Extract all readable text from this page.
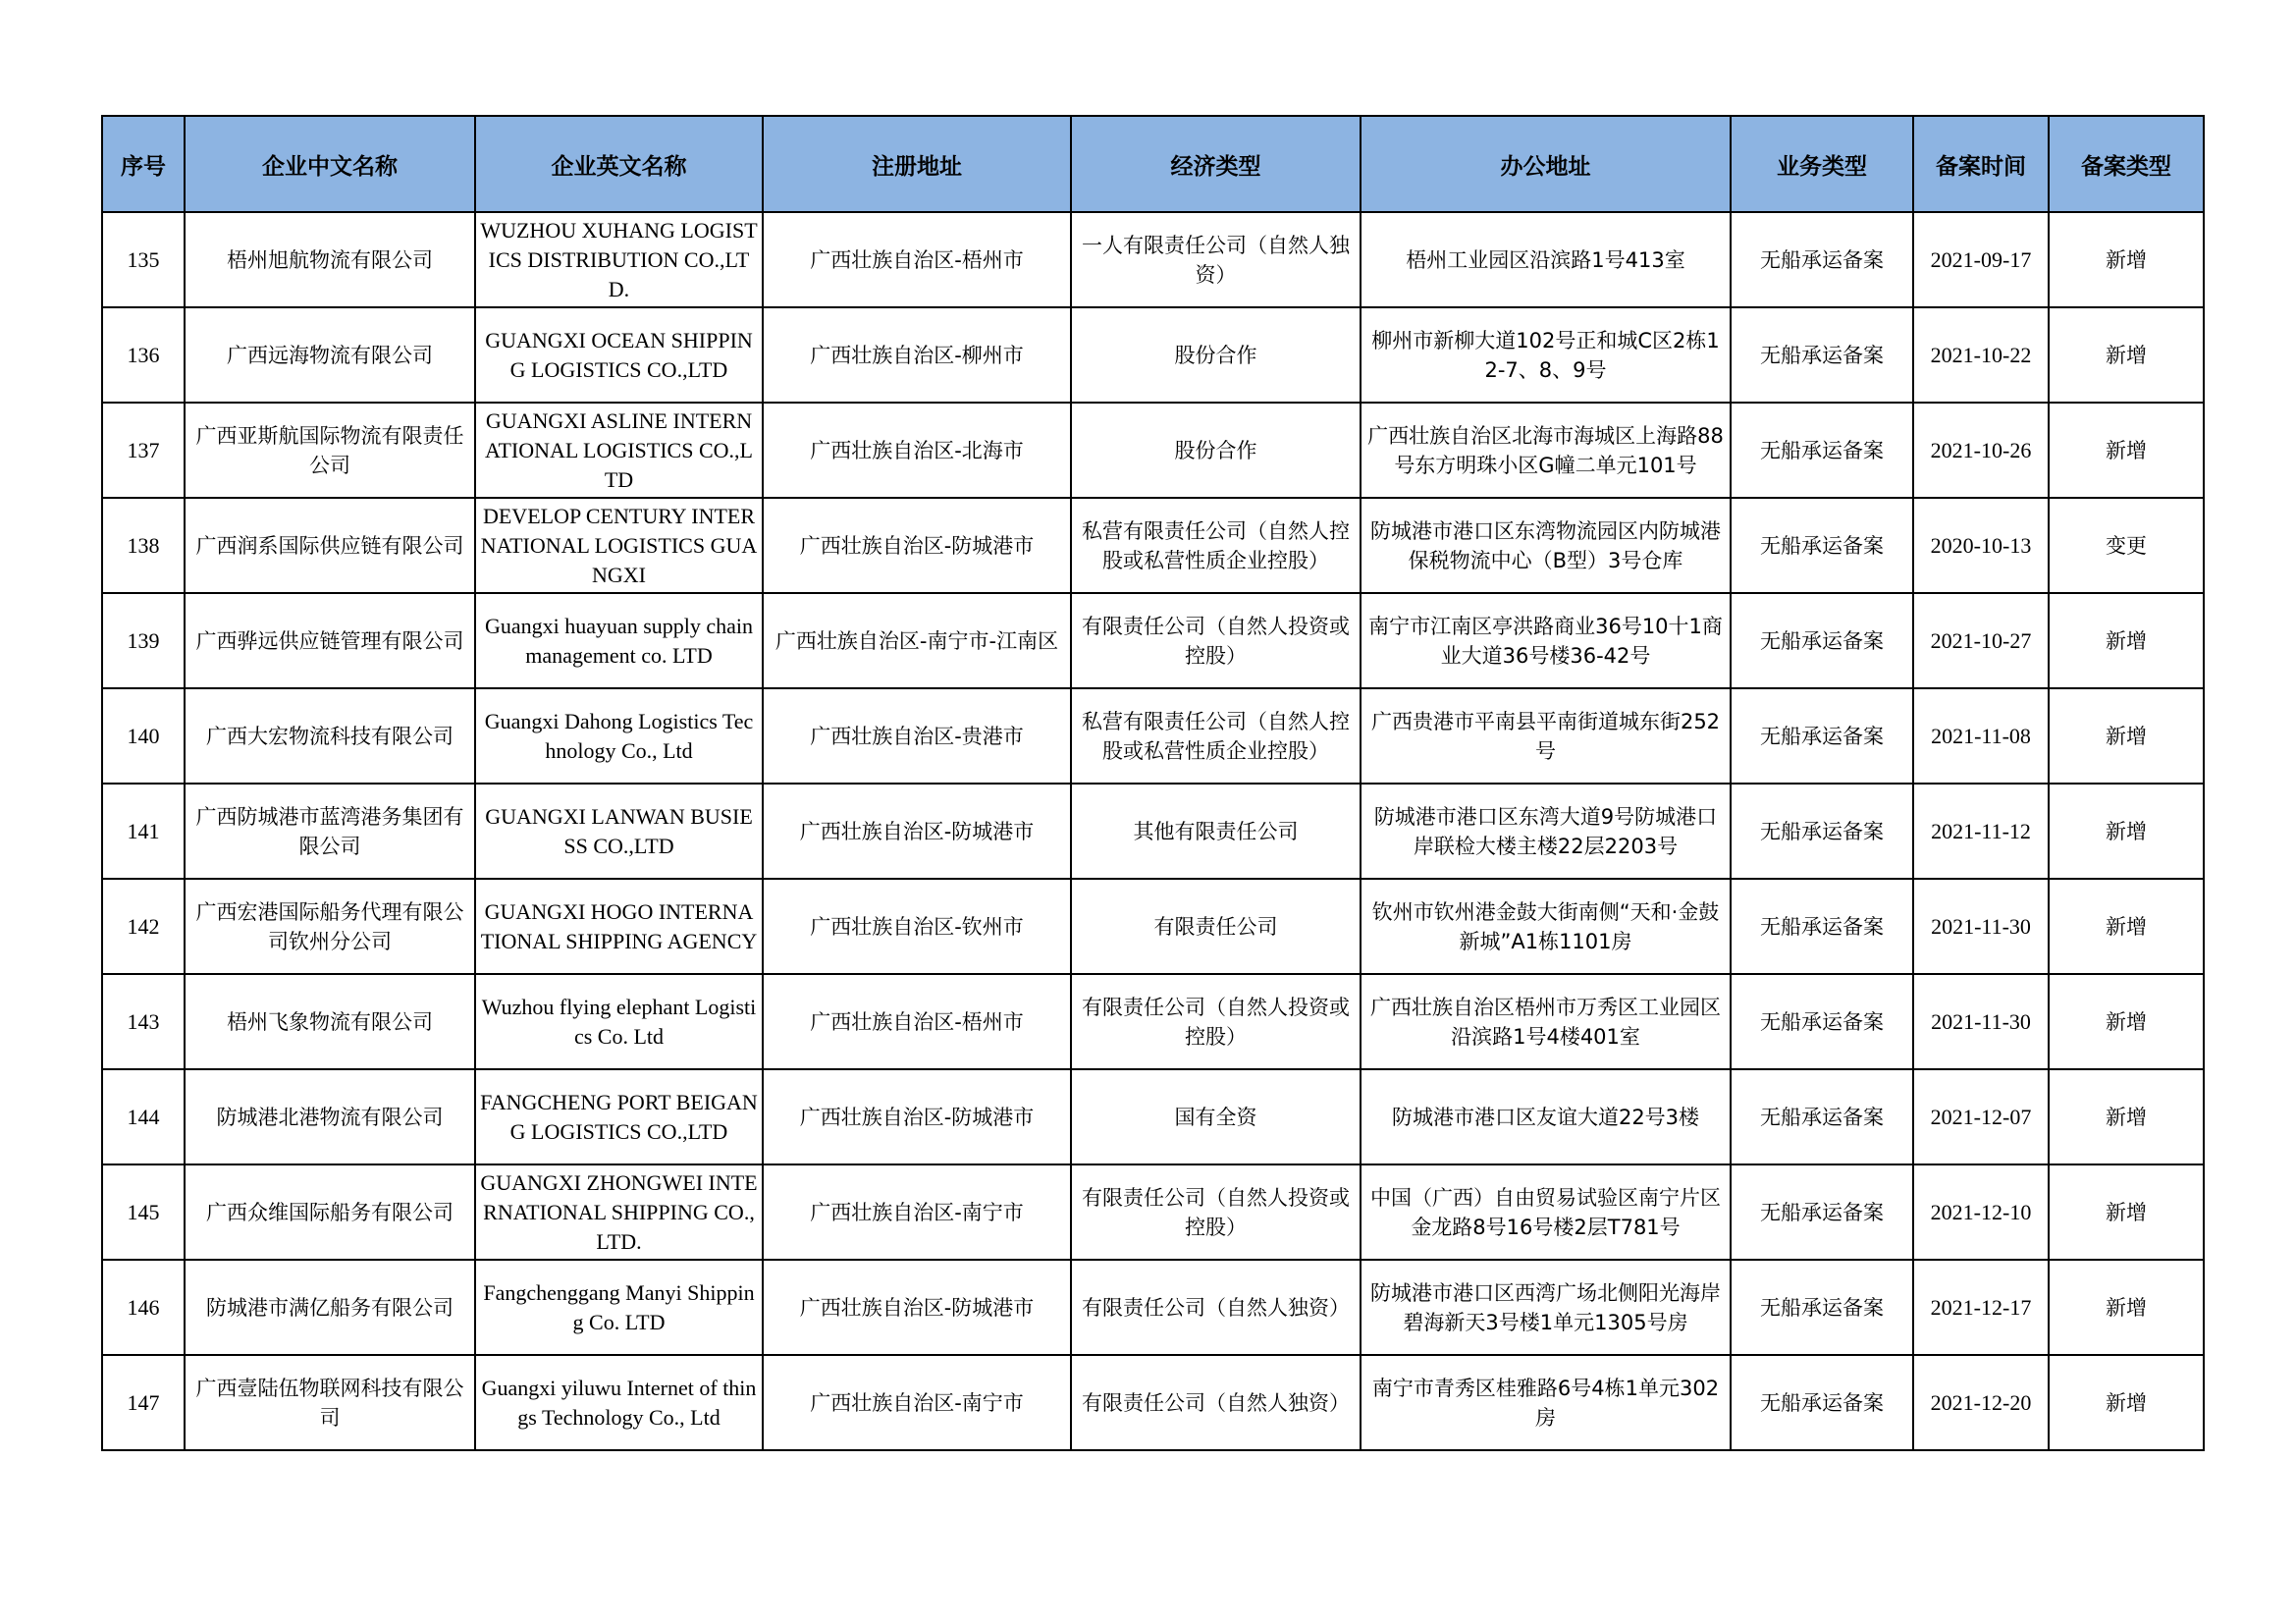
序号	企业中文名称	企业英文名称	注册地址	经济类型	办公地址	业务类型	备案时间	备案类型
135	梧州旭航物流有限公司	WUZHOU XUHANG LOGISTICS DISTRIBUTION CO.,LTD.	广西壮族自治区-梧州市	一人有限责任公司（自然人独资）	梧州工业园区沿滨路1号413室	无船承运备案	2021-09-17	新增
136	广西远海物流有限公司	GUANGXI OCEAN SHIPPING LOGISTICS CO.,LTD	广西壮族自治区-柳州市	股份合作	柳州市新柳大道102号正和城C区2栋12-7、8、9号	无船承运备案	2021-10-22	新增
137	广西亚斯航国际物流有限责任公司	GUANGXI ASLINE INTERNATIONAL LOGISTICS CO.,LTD	广西壮族自治区-北海市	股份合作	广西壮族自治区北海市海城区上海路88号东方明珠小区G幢二单元101号	无船承运备案	2021-10-26	新增
138	广西润系国际供应链有限公司	DEVELOP CENTURY INTERNATIONAL LOGISTICS GUANGXI	广西壮族自治区-防城港市	私营有限责任公司（自然人控股或私营性质企业控股）	防城港市港口区东湾物流园区内防城港保税物流中心（B型）3号仓库	无船承运备案	2020-10-13	变更
139	广西骅远供应链管理有限公司	Guangxi huayuan supply chain management co. LTD	广西壮族自治区-南宁市-江南区	有限责任公司（自然人投资或控股）	南宁市江南区亭洪路商业36号10十1商业大道36号楼36-42号	无船承运备案	2021-10-27	新增
140	广西大宏物流科技有限公司	Guangxi Dahong Logistics Technology Co., Ltd	广西壮族自治区-贵港市	私营有限责任公司（自然人控股或私营性质企业控股）	广西贵港市平南县平南街道城东街252号	无船承运备案	2021-11-08	新增
141	广西防城港市蓝湾港务集团有限公司	GUANGXI LANWAN BUSIESS CO.,LTD	广西壮族自治区-防城港市	其他有限责任公司	防城港市港口区东湾大道9号防城港口岸联检大楼主楼22层2203号	无船承运备案	2021-11-12	新增
142	广西宏港国际船务代理有限公司钦州分公司	GUANGXI HOGO INTERNATIONAL SHIPPING AGENCY	广西壮族自治区-钦州市	有限责任公司	钦州市钦州港金鼓大街南侧“天和·金鼓新城”A1栋1101房	无船承运备案	2021-11-30	新增
143	梧州飞象物流有限公司	Wuzhou flying elephant Logistics Co. Ltd	广西壮族自治区-梧州市	有限责任公司（自然人投资或控股）	广西壮族自治区梧州市万秀区工业园区沿滨路1号4楼401室	无船承运备案	2021-11-30	新增
144	防城港北港物流有限公司	FANGCHENG PORT BEIGANG LOGISTICS CO.,LTD	广西壮族自治区-防城港市	国有全资	防城港市港口区友谊大道22号3楼	无船承运备案	2021-12-07	新增
145	广西众维国际船务有限公司	GUANGXI ZHONGWEI INTERNATIONAL SHIPPING CO.,LTD.	广西壮族自治区-南宁市	有限责任公司（自然人投资或控股）	中国（广西）自由贸易试验区南宁片区金龙路8号16号楼2层T781号	无船承运备案	2021-12-10	新增
146	防城港市满亿船务有限公司	Fangchenggang Manyi Shipping Co. LTD	广西壮族自治区-防城港市	有限责任公司（自然人独资）	防城港市港口区西湾广场北侧阳光海岸碧海新天3号楼1单元1305号房	无船承运备案	2021-12-17	新增
147	广西壹陆伍物联网科技有限公司	Guangxi yiluwu Internet of things Technology Co., Ltd	广西壮族自治区-南宁市	有限责任公司（自然人独资）	南宁市青秀区桂雅路6号4栋1单元302房	无船承运备案	2021-12-20	新增
